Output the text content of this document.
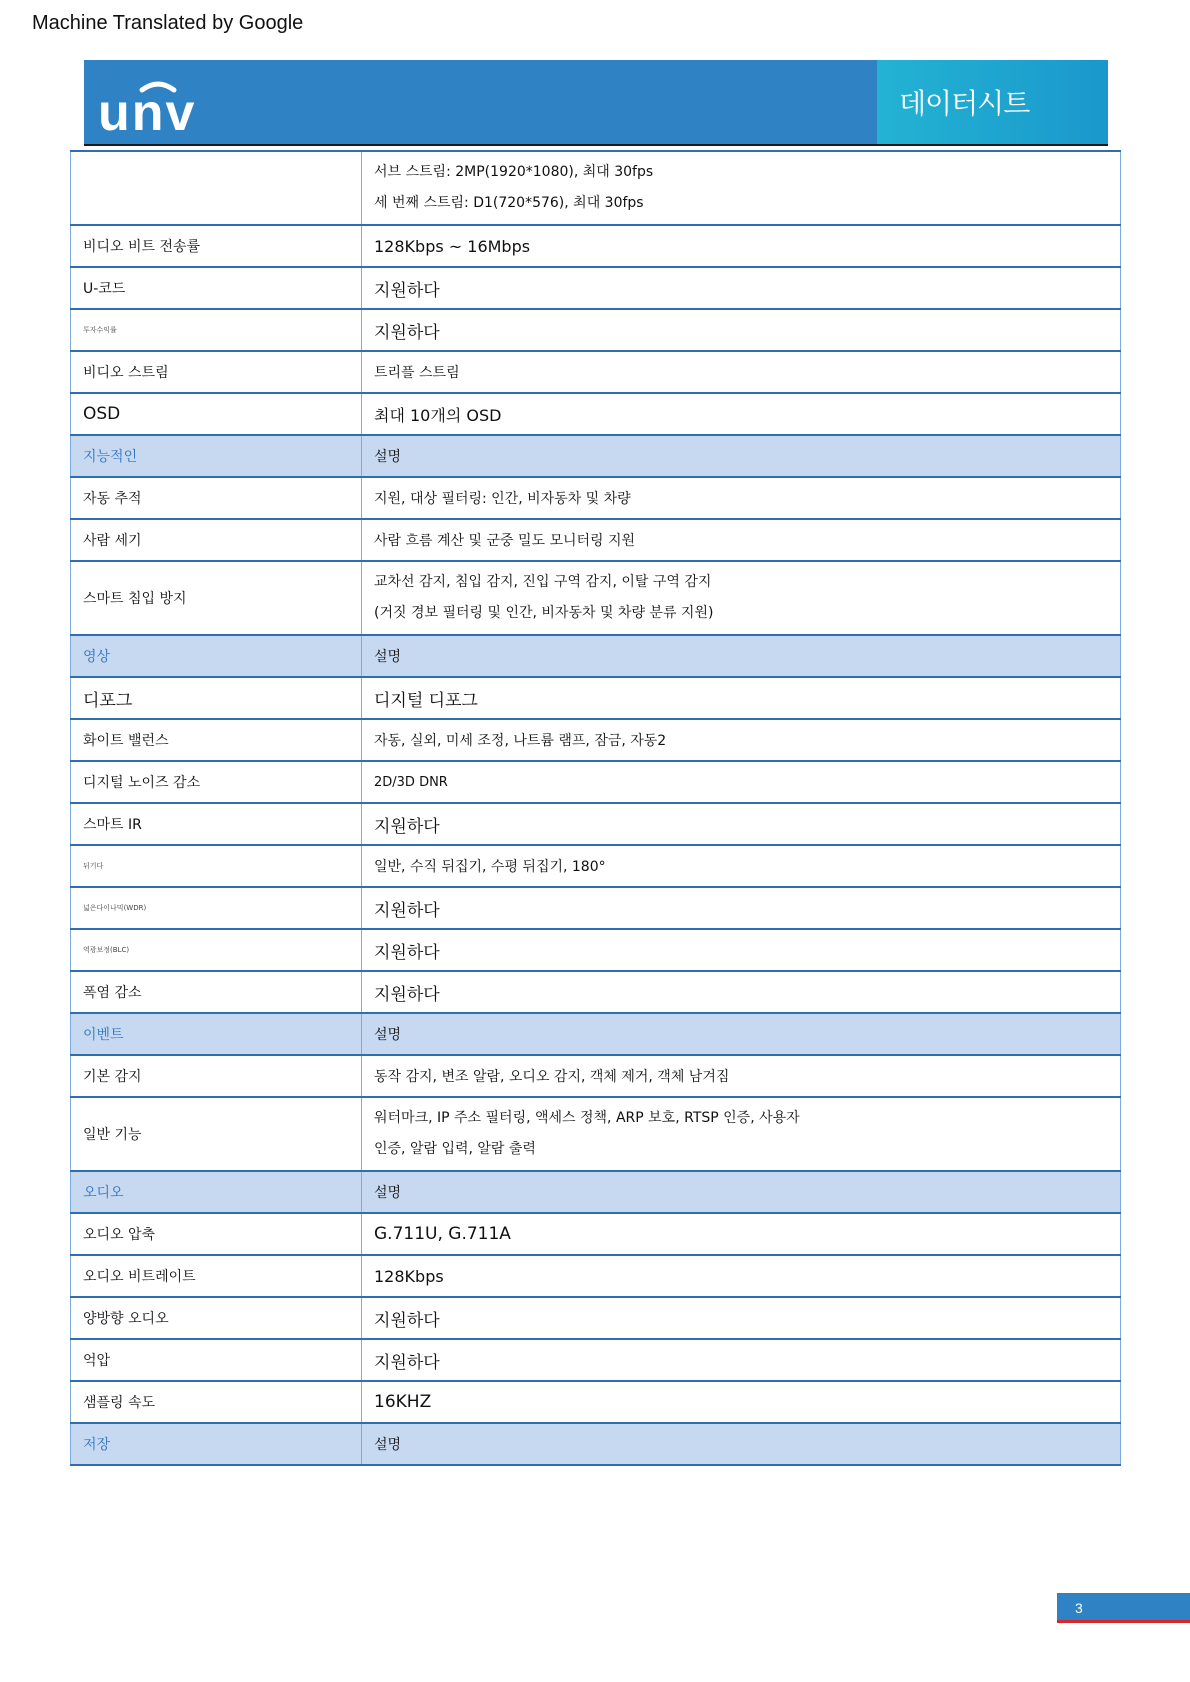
Machine Translated by Google
unv	데이터시트

	서브 스트림: 2MP(1920*1080), 최대 30fps
세 번째 스트림: D1(720*576), 최대 30fps

비디오 비트 전송률	128Kbps ~ 16Mbps
U-코드	지원하다
투자수익률	지원하다
비디오 스트림	트리플 스트림
OSD	최대 10개의 OSD
지능적인	설명
자동 추적	지원, 대상 필터링: 인간, 비자동차 및 차량
사람 세기	사람 흐름 계산 및 군중 밀도 모니터링 지원
스마트 침입 방지	교차선 감지, 침입 감지, 진입 구역 감지, 이탈 구역 감지
(거짓 경보 필터링 및 인간, 비자동차 및 차량 분류 지원)

영상	설명
디포그	디지털 디포그
화이트 밸런스	자동, 실외, 미세 조정, 나트륨 램프, 잠금, 자동2
디지털 노이즈 감소	2D/3D DNR
스마트 IR	지원하다
뒤기다	일반, 수직 뒤집기, 수평 뒤집기, 180°
넓은다이나믹(WDR)	지원하다
역광보정(BLC)	지원하다
폭염 감소	지원하다
이벤트	설명
기본 감지	동작 감지, 변조 알람, 오디오 감지, 객체 제거, 객체 남겨짐
일반 기능	워터마크, IP 주소 필터링, 액세스 정책, ARP 보호, RTSP 인증, 사용자
인증, 알람 입력, 알람 출력

오디오	설명
오디오 압축	G.711U, G.711A
오디오 비트레이트	128Kbps
양방향 오디오	지원하다
억압	지원하다
샘플링 속도	16KHZ
저장	설명
3
